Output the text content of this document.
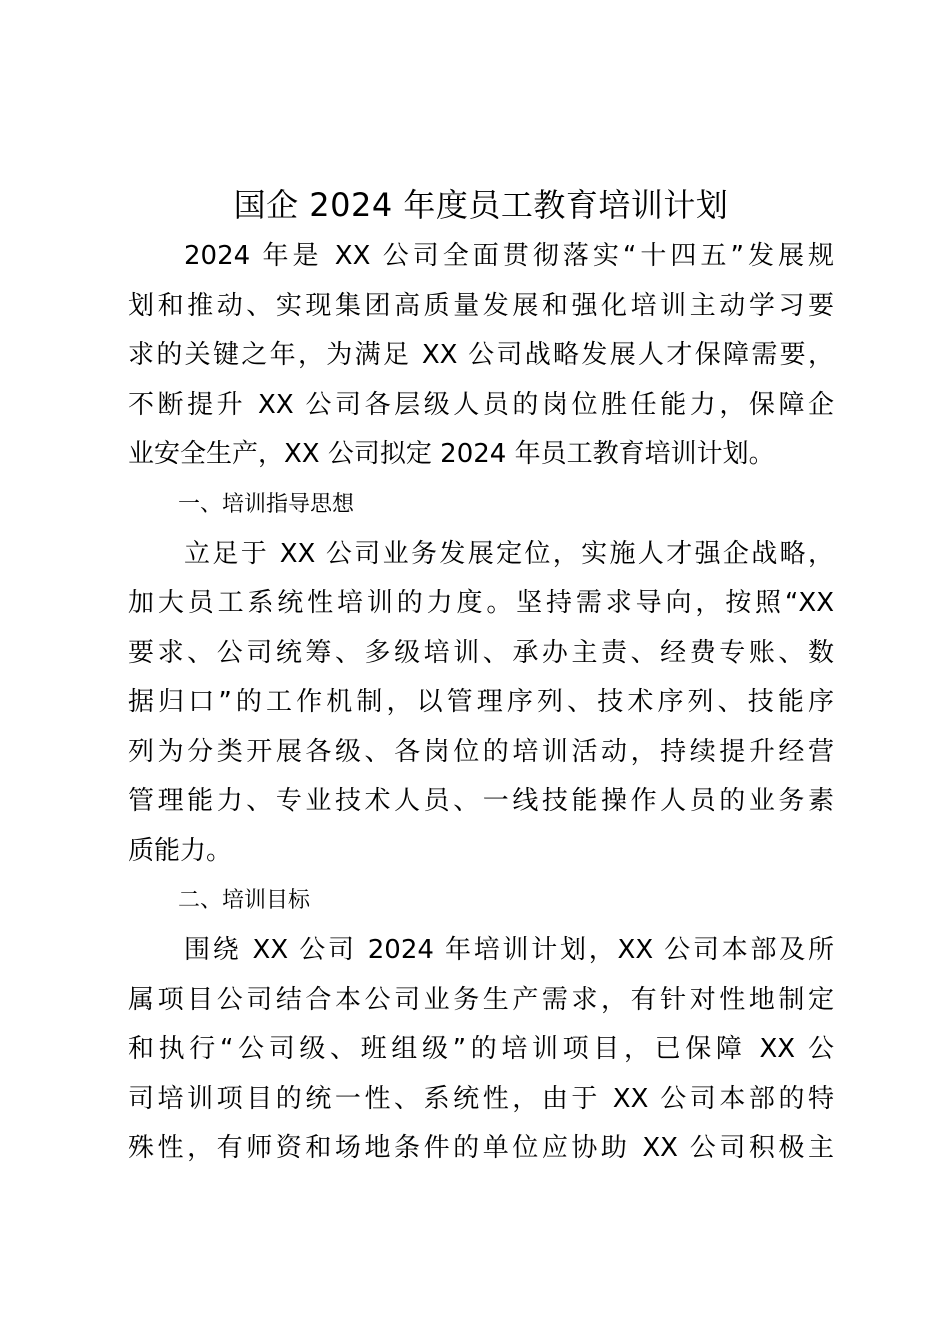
国企 2024 年度员工教育培训计划

2024 年是 XX 公司全面贯彻落实“十四五”发展规
划和推动、实现集团高质量发展和强化培训主动学习要
求的关键之年，为满足 XX 公司战略发展人才保障需要，
不断提升 XX 公司各层级人员的岗位胜任能力，保障企
业安全生产，XX 公司拟定 2024 年员工教育培训计划。

一、培训指导思想

立足于 XX 公司业务发展定位，实施人才强企战略，
加大员工系统性培训的力度。坚持需求导向，按照“XX
要求、公司统筹、多级培训、承办主责、经费专账、数
据归口”的工作机制，以管理序列、技术序列、技能序
列为分类开展各级、各岗位的培训活动，持续提升经营
管理能力、专业技术人员、一线技能操作人员的业务素
质能力。

二、培训目标

围绕 XX 公司 2024 年培训计划，XX 公司本部及所
属项目公司结合本公司业务生产需求，有针对性地制定
和执行“公司级、班组级”的培训项目，已保障 XX 公
司培训项目的统一性、系统性，由于 XX 公司本部的特
殊性，有师资和场地条件的单位应协助 XX 公司积极主
